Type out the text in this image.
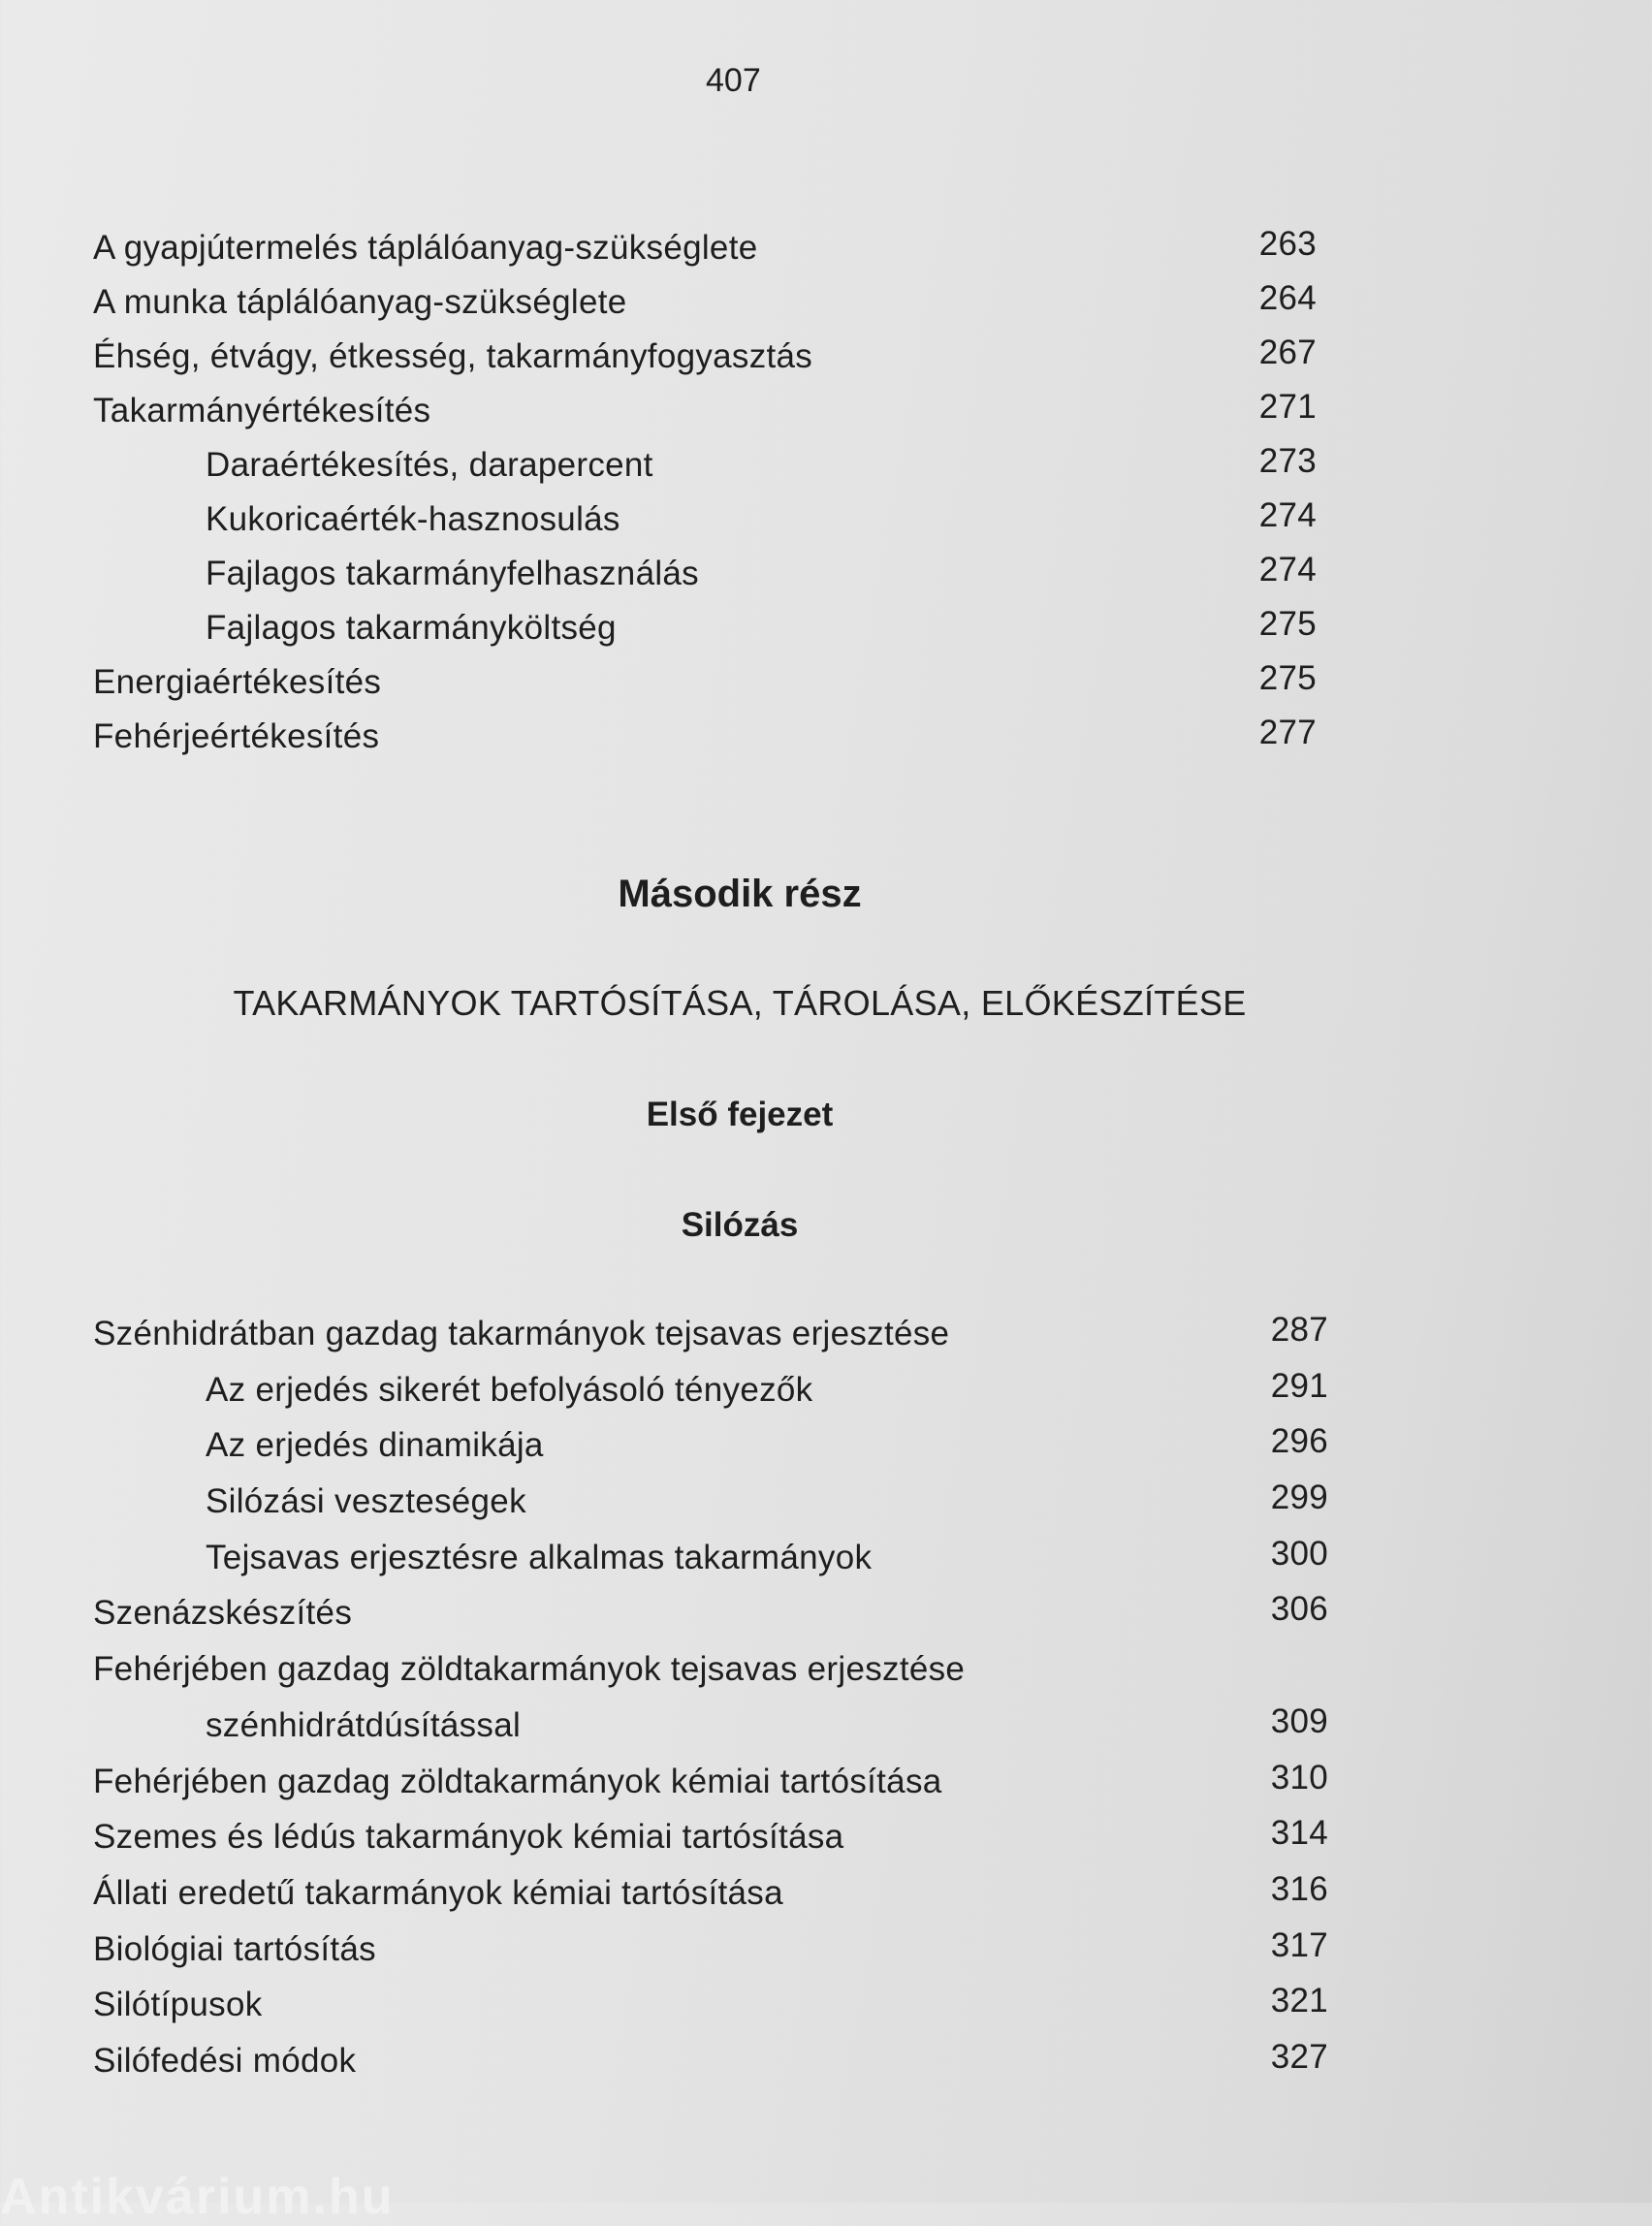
407
A gyapjútermelés táplálóanyag-szükséglete	263
A munka táplálóanyag-szükséglete	264
Éhség, étvágy, étkesség, takarmányfogyasztás	267
Takarmányértékesítés	271
Daraértékesítés, darapercent	273
Kukoricaérték-hasznosulás	274
Fajlagos takarmányfelhasználás	274
Fajlagos takarmányköltség	275
Energiaértékesítés	275
Fehérjeértékesítés	277
Második rész
TAKARMÁNYOK TARTÓSÍTÁSA, TÁROLÁSA, ELŐKÉSZÍTÉSE
Első fejezet
Silózás
Szénhidrátban gazdag takarmányok tejsavas erjesztése	287
Az erjedés sikerét befolyásoló tényezők	291
Az erjedés dinamikája	296
Silózási veszteségek	299
Tejsavas erjesztésre alkalmas takarmányok	300
Szenázskészítés	306
Fehérjében gazdag zöldtakarmányok tejsavas erjesztése
szénhidrátdúsítással	309
Fehérjében gazdag zöldtakarmányok kémiai tartósítása	310
Szemes és lédús takarmányok kémiai tartósítása	314
Állati eredetű takarmányok kémiai tartósítása	316
Biológiai tartósítás	317
Silótípusok	321
Silófedési módok	327
Antikvárium.hu
